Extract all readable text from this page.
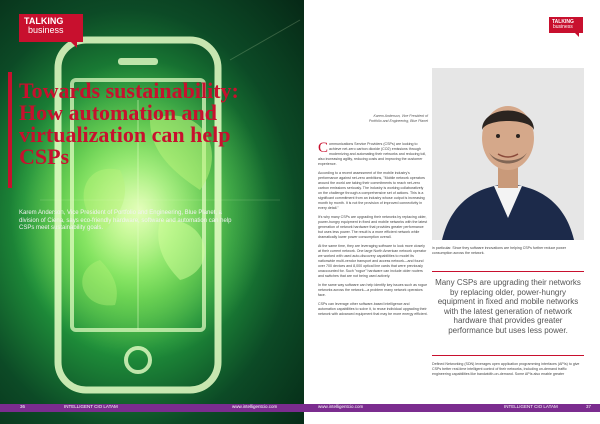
TALKING
business
Towards sustainability: How automation and virtualization can help CSPs
Karem Anderson, Vice President of Portfolio and Engineering, Blue Planet, a division of Ciena, says eco-friendly hardware, software and automation can help CSPs meet sustainability goals.
36	INTELLIGENT CIO LATAM	www.intelligentcio.com
TALKING
business
Karem Anderson, Vice President of Portfolio and Engineering, Blue Planet

Communications Service Providers (CSPs) are looking to achieve net-zero carbon dioxide (CO2) emissions through modernizing and automating their networks and reducing toil, also increasing agility, reducing costs and improving the customer experience.

According to a recent assessment of the mobile industry's performance against net-zero ambitions, "Mobile network operators around the world are taking their commitments to reach net-zero carbon emissions seriously. The industry is working collaboratively on the challenge through a comprehensive set of actions. This is a significant commitment from an industry whose output is increasing month by month. It is not the provision of improved connectivity in every detail."

It's why many CSPs are upgrading their networks by replacing older, power-hungry equipment in fixed and mobile networks with the latest generation of network hardware that provides greater performance but uses less power. The result is a more efficient network while dramatically lower power consumption overall.

At the same time, they are leveraging software to look more closely at their current network. One large North American network operator we worked with used auto-discovery capabilities to model its nationwide multi-vendor transport and access network—and found over 700 devices and 8,000 optical line cards that were previously unaccounted for. Such "rogue" hardware can include older routers and switches that are not being used actively.

In the same way software can help identify key issues such as rogue networks across the network—a problem many network operators face.

CSPs can leverage other software-based intelligence and automation capabilities to solve it, to reuse individual upgrading their network with advanced equipment that may be more energy efficient.

in particular. Since they software innovations are helping CSPs further reduce power consumption across the network.
Many CSPs are upgrading their networks by replacing older, power-hungry equipment in fixed and mobile networks with the latest generation of network hardware that provides greater performance but uses less power.
Defined Networking (SDN) leverages open application programming interfaces (APIs) to give CSPs better real-time intelligent control of their networks, including on-demand traffic engineering capabilities like bandwidth-on-demand. Some APIs also enable greater
www.intelligentcio.com	INTELLIGENT CIO LATAM	37
